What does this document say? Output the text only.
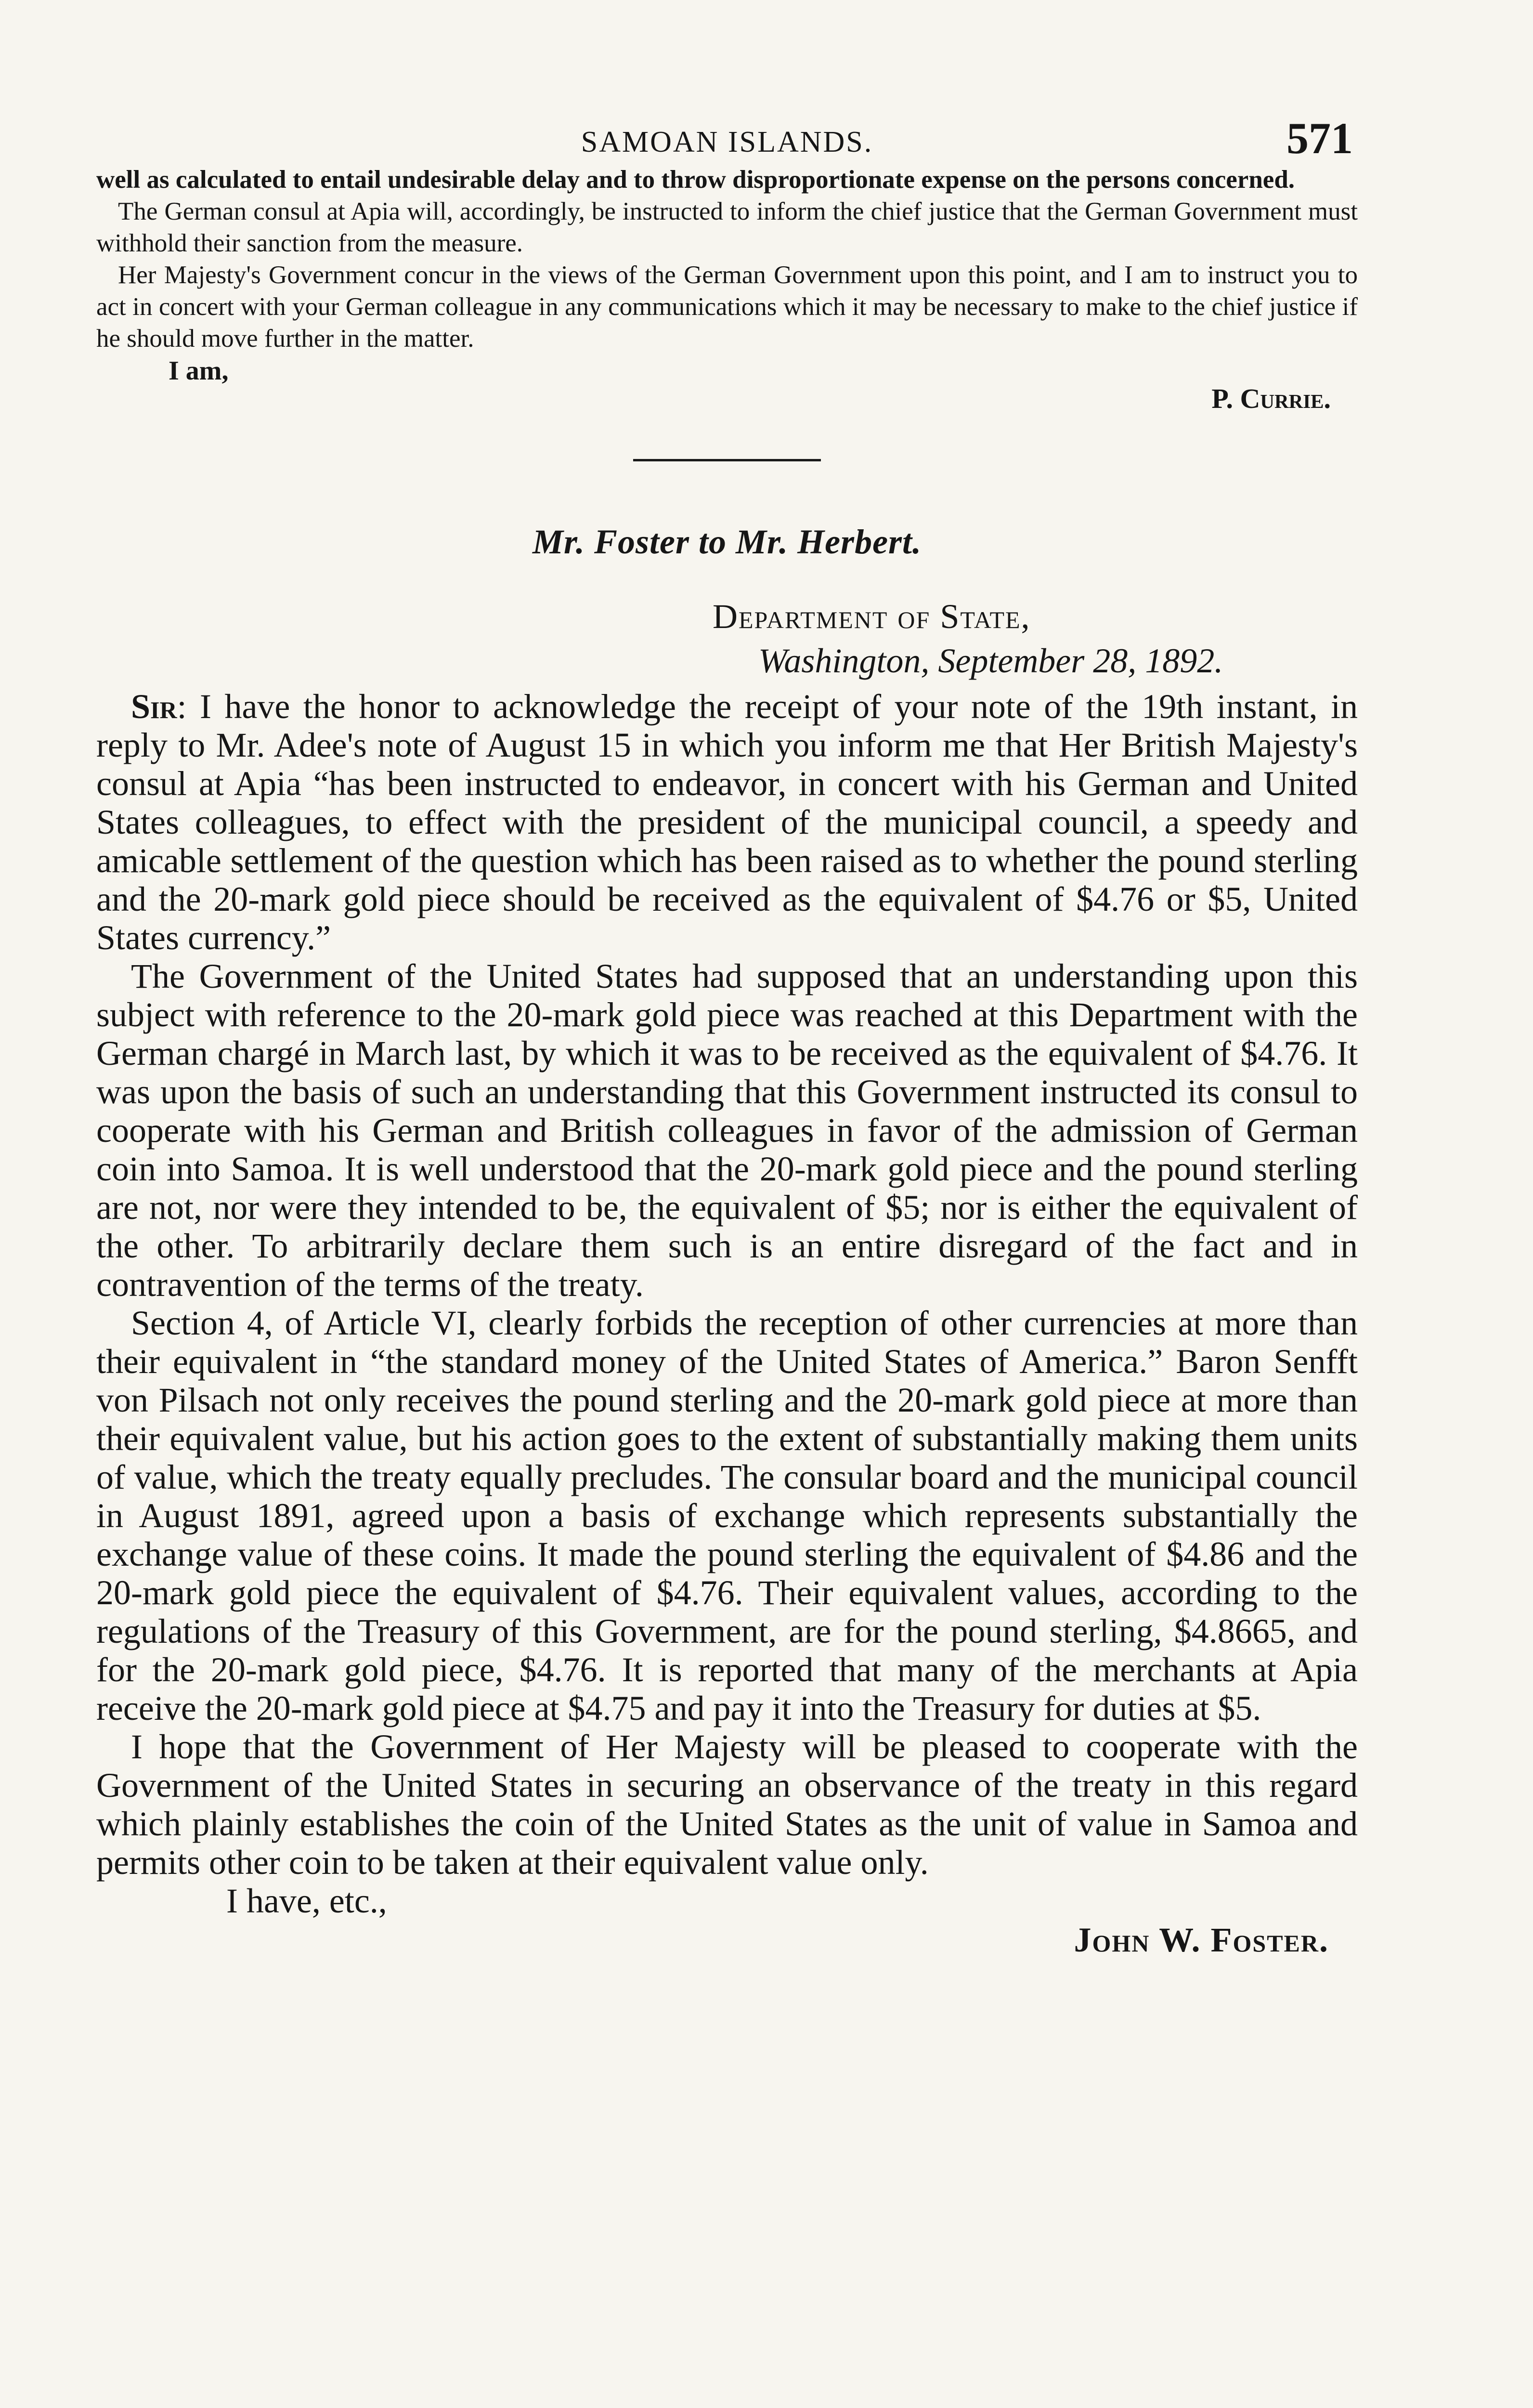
SAMOAN ISLANDS.	571

well as calculated to entail undesirable delay and to throw disproportionate expense on the persons concerned.

The German consul at Apia will, accordingly, be instructed to inform the chief justice that the German Government must withhold their sanction from the measure.

Her Majesty's Government concur in the views of the German Government upon this point, and I am to instruct you to act in concert with your German colleague in any communications which it may be necessary to make to the chief justice if he should move further in the matter.

I am,
P. Currie.
Mr. Foster to Mr. Herbert.
Department of State,
Washington, September 28, 1892.

Sir: I have the honor to acknowledge the receipt of your note of the 19th instant, in reply to Mr. Adee's note of August 15 in which you inform me that Her British Majesty's consul at Apia “has been instructed to endeavor, in concert with his German and United States colleagues, to effect with the president of the municipal council, a speedy and amicable settlement of the question which has been raised as to whether the pound sterling and the 20-mark gold piece should be received as the equivalent of $4.76 or $5, United States currency.”

The Government of the United States had supposed that an understanding upon this subject with reference to the 20-mark gold piece was reached at this Department with the German chargé in March last, by which it was to be received as the equivalent of $4.76. It was upon the basis of such an understanding that this Government instructed its consul to cooperate with his German and British colleagues in favor of the admission of German coin into Samoa. It is well understood that the 20-mark gold piece and the pound sterling are not, nor were they intended to be, the equivalent of $5; nor is either the equivalent of the other. To arbitrarily declare them such is an entire disregard of the fact and in contravention of the terms of the treaty.

Section 4, of Article VI, clearly forbids the reception of other currencies at more than their equivalent in “the standard money of the United States of America.” Baron Senfft von Pilsach not only receives the pound sterling and the 20-mark gold piece at more than their equivalent value, but his action goes to the extent of substantially making them units of value, which the treaty equally precludes. The consular board and the municipal council in August 1891, agreed upon a basis of exchange which represents substantially the exchange value of these coins. It made the pound sterling the equivalent of $4.86 and the 20-mark gold piece the equivalent of $4.76. Their equivalent values, according to the regulations of the Treasury of this Government, are for the pound sterling, $4.8665, and for the 20-mark gold piece, $4.76. It is reported that many of the merchants at Apia receive the 20-mark gold piece at $4.75 and pay it into the Treasury for duties at $5.

I hope that the Government of Her Majesty will be pleased to cooperate with the Government of the United States in securing an observance of the treaty in this regard which plainly establishes the coin of the United States as the unit of value in Samoa and permits other coin to be taken at their equivalent value only.

I have, etc.,

John W. Foster.
